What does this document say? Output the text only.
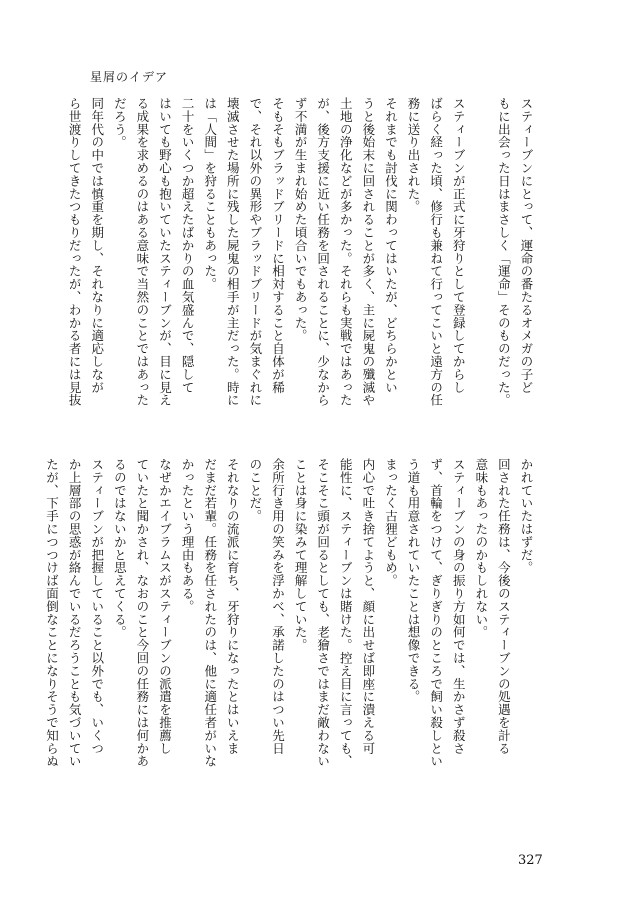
星屑のイデア
スティーブンにとって、運命の番たるオメガの子ど
もに出会った日はまさしく「運命」そのものだった。

スティーブンが正式に牙狩りとして登録してからし
ばらく経った頃、修行も兼ねて行ってこいと遠方の任
務に送り出された。
それまでも討伐に関わってはいたが、どちらかとい
うと後始末に回されることが多く、主に屍鬼の殲滅や
土地の浄化などが多かった。それらも実戦ではあった
が、後方支援に近い任務を回されることに、少なから
ず不満が生まれ始めた頃合いでもあった。
そもそもブラッドブリードに相対すること自体が稀
で、それ以外の異形やブラッドブリードが気まぐれに
壊滅させた場所に残した屍鬼の相手が主だった。時に
は「人間」を狩ることもあった。
二十をいくつか超えたばかりの血気盛んで、隠して
はいても野心も抱いていたスティーブンが、目に見え
る成果を求めるのはある意味で当然のことではあった
だろう。
同年代の中では慎重を期し、それなりに適応しなが
ら世渡りしてきたつもりだったが、わかる者には見抜
かれていたはずだ。
回された任務は、今後のスティーブンの処遇を計る
意味もあったのかもしれない。
スティーブンの身の振り方如何では、生かさず殺さ
ず、首輪をつけて、ぎりぎりのところで飼い殺しとい
う道も用意されていたことは想像できる。
まったく古狸どもめ。
内心で吐き捨てようと、顔に出せば即座に潰える可
能性に、スティーブンは賭けた。控え目に言っても、
そこそこ頭が回るとしても、老獪さではまだ敵わない
ことは身に染みて理解していた。
余所行き用の笑みを浮かべ、承諾したのはつい先日
のことだ。
それなりの流派に育ち、牙狩りになったとはいえま
だまだ若輩。任務を任されたのは、他に適任者がいな
かったという理由もある。
なぜかエイブラムスがスティーブンの派遣を推薦し
ていたと聞かされ、なおのこと今回の任務には何かあ
るのではないかと思えてくる。
スティーブンが把握していること以外でも、いくつ
か上層部の思惑が絡んでいるだろうことも気づいてい
たが、下手につつけば面倒なことになりそうで知らぬ
327
